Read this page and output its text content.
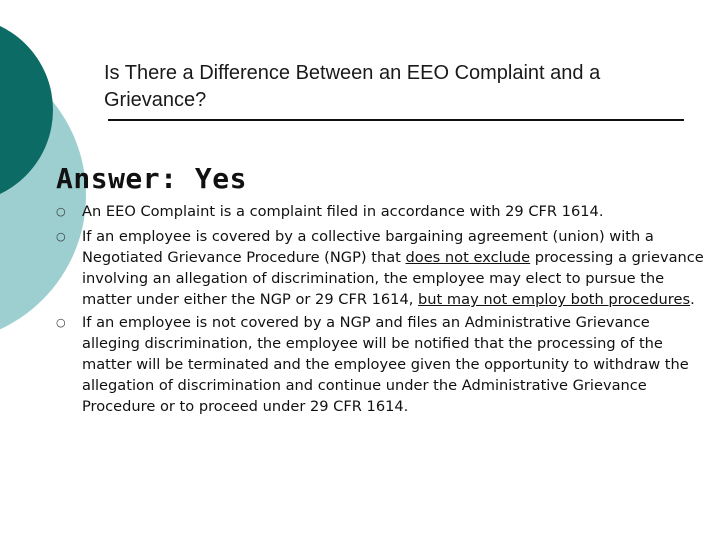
Is There a Difference Between an EEO Complaint and a Grievance?
Answer: Yes
○	An EEO Complaint is a complaint filed in accordance with 29 CFR 1614.
○	If an employee is covered by a collective bargaining agreement (union) with a Negotiated Grievance Procedure (NGP) that does not exclude processing a grievance involving an allegation of discrimination, the employee may elect to pursue the matter under either the NGP or 29 CFR 1614, but may not employ both procedures.
○	If an employee is not covered by a NGP and files an Administrative Grievance alleging discrimination, the employee will be notified that the processing of the matter will be terminated and the employee given the opportunity to withdraw the allegation of discrimination and continue under the Administrative Grievance Procedure or to proceed under 29 CFR 1614.
